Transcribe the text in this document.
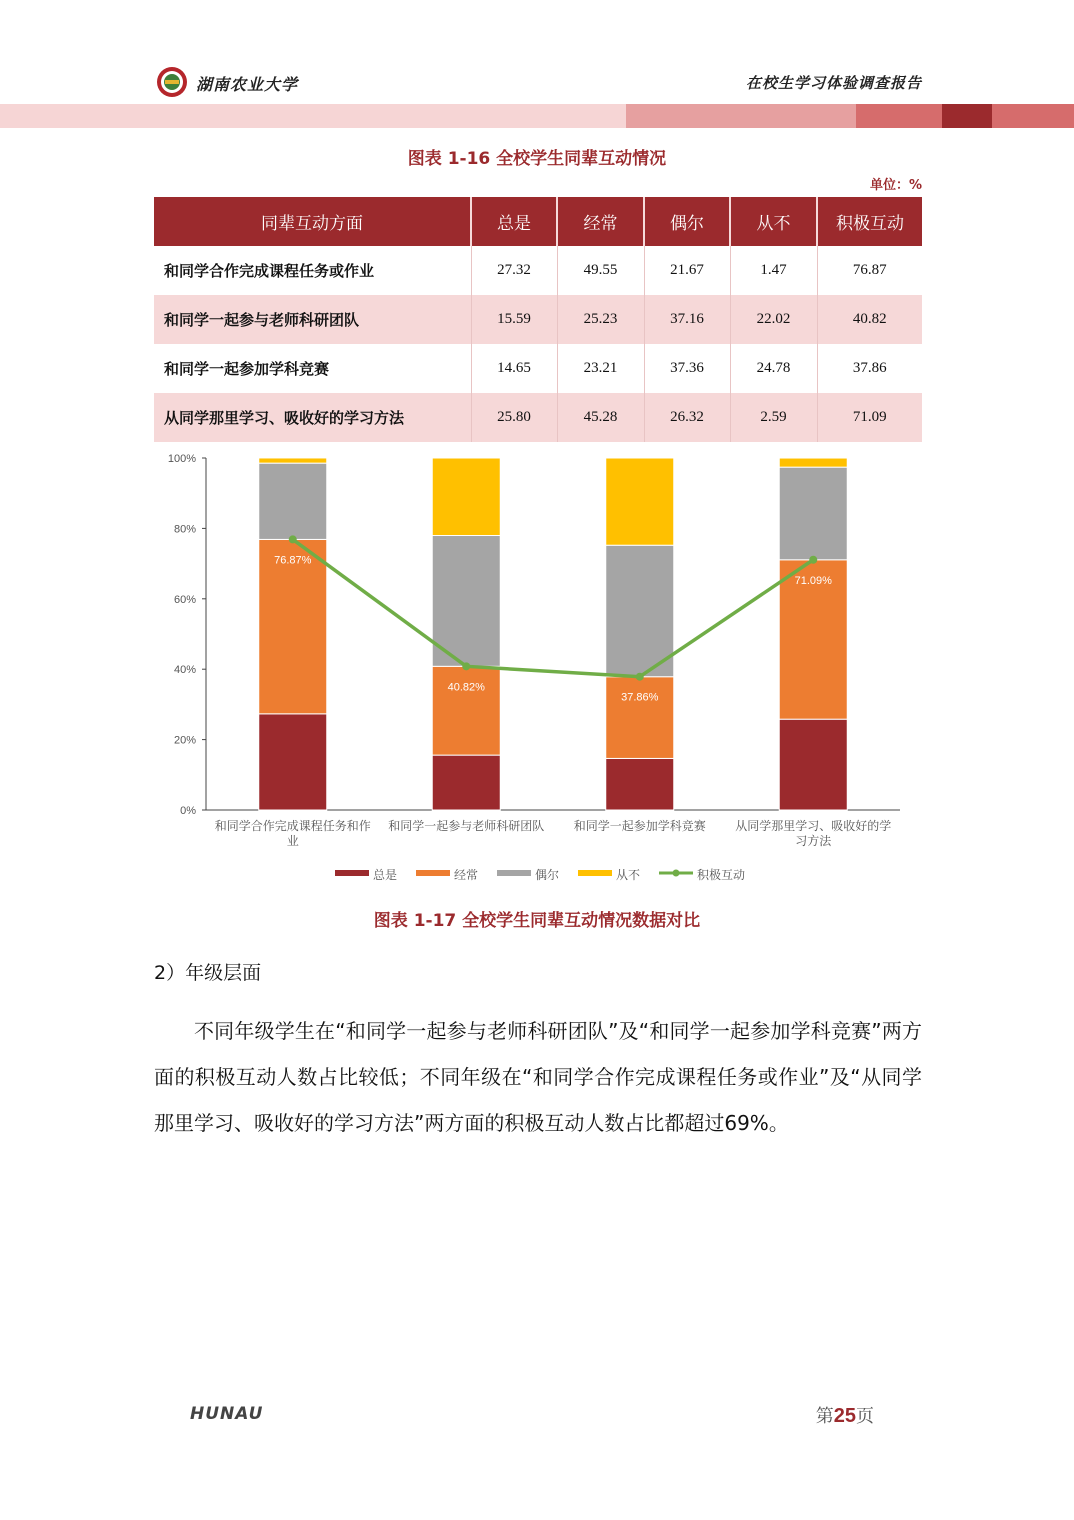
湖南农业大学	在校生学习体验调查报告
图表 1-16 全校学生同辈互动情况
单位：%
同辈互动方面	总是	经常	偶尔	从不	积极互动
和同学合作完成课程任务或作业	27.32	49.55	21.67	1.47	76.87
和同学一起参与老师科研团队	15.59	25.23	37.16	22.02	40.82
和同学一起参加学科竞赛	14.65	23.21	37.36	24.78	37.86
从同学那里学习、吸收好的学习方法	25.80	45.28	26.32	2.59	71.09
0%
20%
40%
60%
80%
100%
76.87%
40.82%
37.86%
71.09%
和同学合作完成课程任务和作
业
和同学一起参与老师科研团队 和同学一起参加学科竞赛 从同学那里学习、吸收好的学
习方法
总是	经常	偶尔	从不	积极互动
图表 1-17 全校学生同辈互动情况数据对比
2）年级层面
不同年级学生在“和同学一起参与老师科研团队”及“和同学一起参加学科竞赛”两方面的积极互动人数占比较低；不同年级在“和同学合作完成课程任务或作业”及“从同学那里学习、吸收好的学习方法”两方面的积极互动人数占比都超过69%。
HUNAU	第25页
